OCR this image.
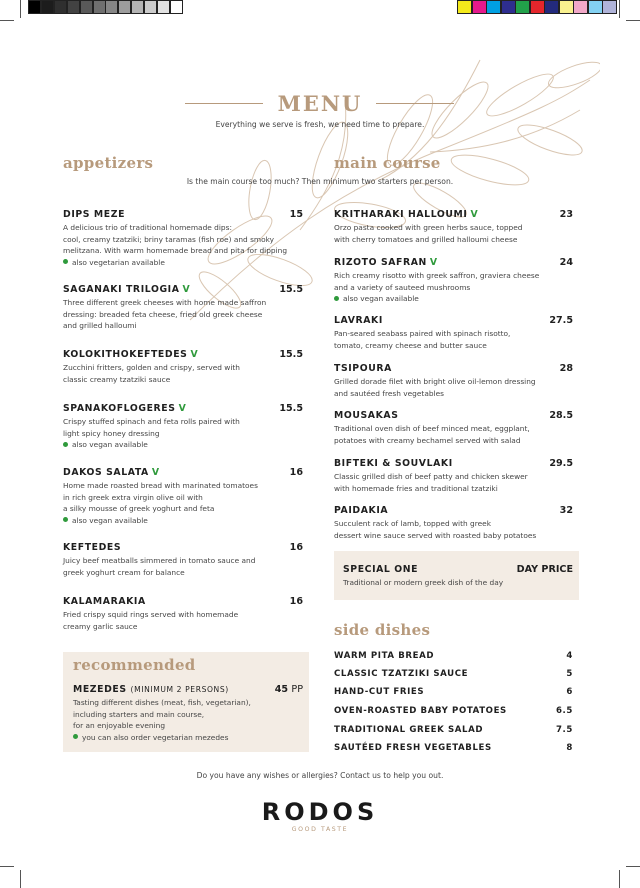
MENU
Everything we serve is fresh, we need time to prepare.
appetizers	main course
Is the main course too much? Then minimum two starters per person.
DIPS MEZE	15
A delicious trio of traditional homemade dips:
cool, creamy tzatziki; briny taramas (fish roe) and smoky
melitzana. With warm homemade bread and pita for dipping
also vegetarian available
SAGANAKI TRILOGIA V	15.5
Three different greek cheeses with home made saffron
dressing: breaded feta cheese, fried old greek cheese
and grilled halloumi
KOLOKITHOKEFTEDES V	15.5
Zucchini fritters, golden and crispy, served with
classic creamy tzatziki sauce
SPANAKOFLOGERES V	15.5
Crispy stuffed spinach and feta rolls paired with
light spicy honey dressing
also vegan available
DAKOS SALATA V	16
Home made roasted bread with marinated tomatoes
in rich greek extra virgin olive oil with
a silky mousse of greek yoghurt and feta
also vegan available
KEFTEDES	16
Juicy beef meatballs simmered in tomato sauce and
greek yoghurt cream for balance
KALAMARAKIA	16
Fried crispy squid rings served with homemade
creamy garlic sauce
recommended
MEZEDES (MINIMUM 2 PERSONS)	45 PP
Tasting different dishes (meat, fish, vegetarian),
including starters and main course,
for an enjoyable evening
you can also order vegetarian mezedes
KRITHARAKI HALLOUMI V	23
Orzo pasta cooked with green herbs sauce, topped
with cherry tomatoes and grilled halloumi cheese
RIZOTO SAFRAN V	24
Rich creamy risotto with greek saffron, graviera cheese
and a variety of sauteed mushrooms
also vegan available
LAVRAKI	27.5
Pan-seared seabass paired with spinach risotto,
tomato, creamy cheese and butter sauce
TSIPOURA	28
Grilled dorade filet with bright olive oil-lemon dressing
and sautéed fresh vegetables
MOUSAKAS	28.5
Traditional oven dish of beef minced meat, eggplant,
potatoes with creamy bechamel served with salad
BIFTEKI & SOUVLAKI	29.5
Classic grilled dish of beef patty and chicken skewer
with homemade fries and traditional tzatziki
PAIDAKIA	32
Succulent rack of lamb, topped with greek
dessert wine sauce served with roasted baby potatoes
SPECIAL ONE	DAY PRICE
Traditional or modern greek dish of the day
side dishes
WARM PITA BREAD	4
CLASSIC TZATZIKI SAUCE	5
HAND-CUT FRIES	6
OVEN-ROASTED BABY POTATOES	6.5
TRADITIONAL GREEK SALAD	7.5
SAUTÉED FRESH VEGETABLES	8
Do you have any wishes or allergies? Contact us to help you out.
RODOS
GOOD TASTE
